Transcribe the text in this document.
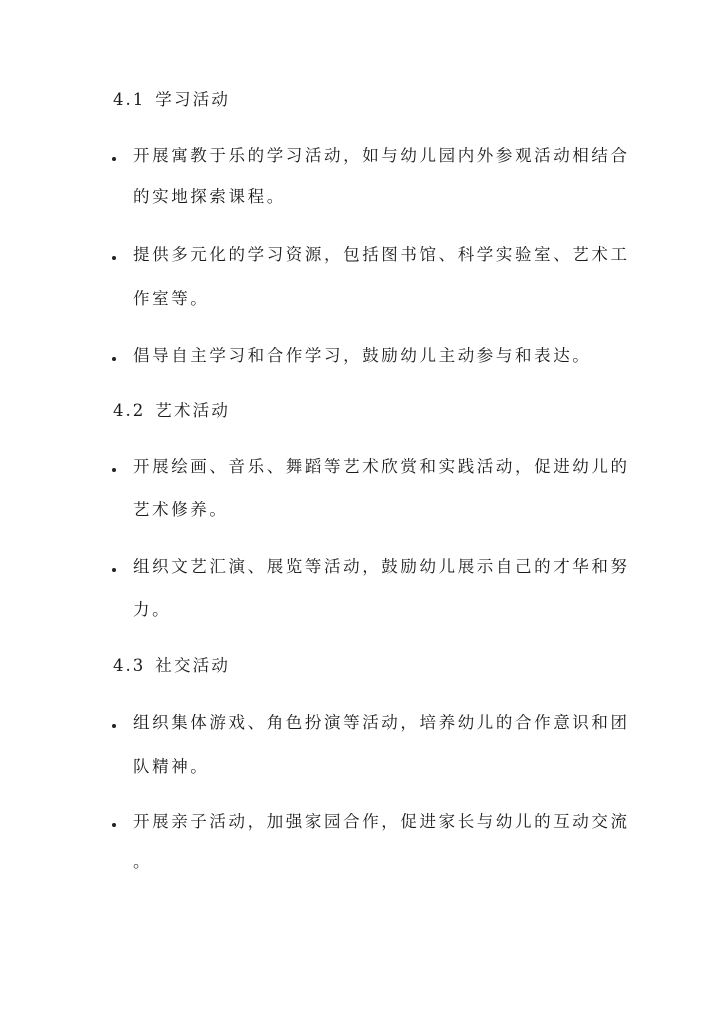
4.1 学习活动
开展寓教于乐的学习活动，如与幼儿园内外参观活动相结合
的实地探索课程。
提供多元化的学习资源，包括图书馆、科学实验室、艺术工
作室等。
倡导自主学习和合作学习，鼓励幼儿主动参与和表达。
4.2 艺术活动
开展绘画、音乐、舞蹈等艺术欣赏和实践活动，促进幼儿的
艺术修养。
组织文艺汇演、展览等活动，鼓励幼儿展示自己的才华和努
力。
4.3 社交活动
组织集体游戏、角色扮演等活动，培养幼儿的合作意识和团
队精神。
开展亲子活动，加强家园合作，促进家长与幼儿的互动交流
。
